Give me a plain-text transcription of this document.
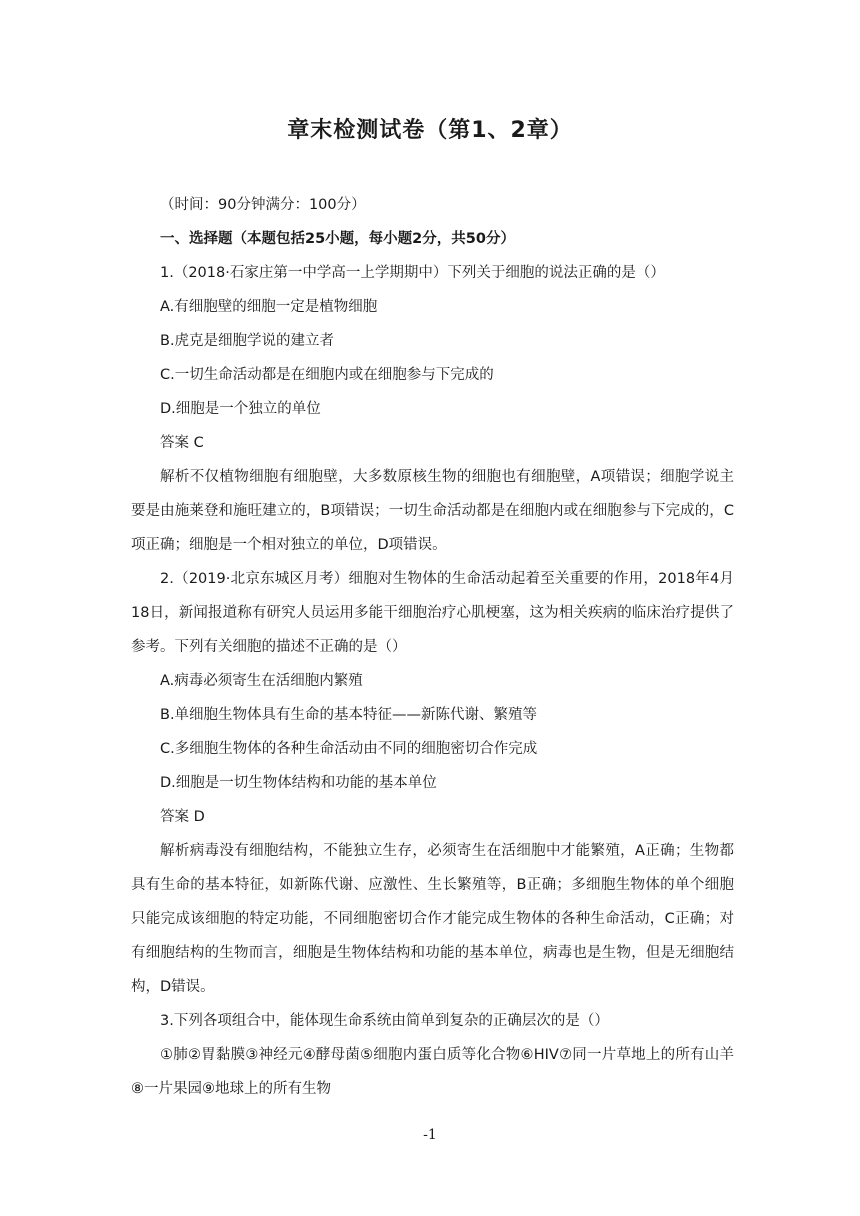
章末检测试卷（第1、2章）
（时间：90分钟满分：100分）
一、选择题（本题包括25小题，每小题2分，共50分）
1.（2018·石家庄第一中学高一上学期期中）下列关于细胞的说法正确的是（）
A.有细胞壁的细胞一定是植物细胞
B.虎克是细胞学说的建立者
C.一切生命活动都是在细胞内或在细胞参与下完成的
D.细胞是一个独立的单位
答案 C

解析不仅植物细胞有细胞壁，大多数原核生物的细胞也有细胞壁，A项错误；细胞学说主要是由施莱登和施旺建立的，B项错误；一切生命活动都是在细胞内或在细胞参与下完成的，C项正确；细胞是一个相对独立的单位，D项错误。

2.（2019·北京东城区月考）细胞对生物体的生命活动起着至关重要的作用，2018年4月18日，新闻报道称有研究人员运用多能干细胞治疗心肌梗塞，这为相关疾病的临床治疗提供了参考。下列有关细胞的描述不正确的是（）

A.病毒必须寄生在活细胞内繁殖
B.单细胞生物体具有生命的基本特征——新陈代谢、繁殖等
C.多细胞生物体的各种生命活动由不同的细胞密切合作完成
D.细胞是一切生物体结构和功能的基本单位
答案 D

解析病毒没有细胞结构，不能独立生存，必须寄生在活细胞中才能繁殖，A正确；生物都具有生命的基本特征，如新陈代谢、应激性、生长繁殖等，B正确；多细胞生物体的单个细胞只能完成该细胞的特定功能，不同细胞密切合作才能完成生物体的各种生命活动，C正确；对有细胞结构的生物而言，细胞是生物体结构和功能的基本单位，病毒也是生物，但是无细胞结构，D错误。

3.下列各项组合中，能体现生命系统由简单到复杂的正确层次的是（）

①肺②胃黏膜③神经元④酵母菌⑤细胞内蛋白质等化合物⑥HIV⑦同一片草地上的所有山羊⑧一片果园⑨地球上的所有生物

-1
